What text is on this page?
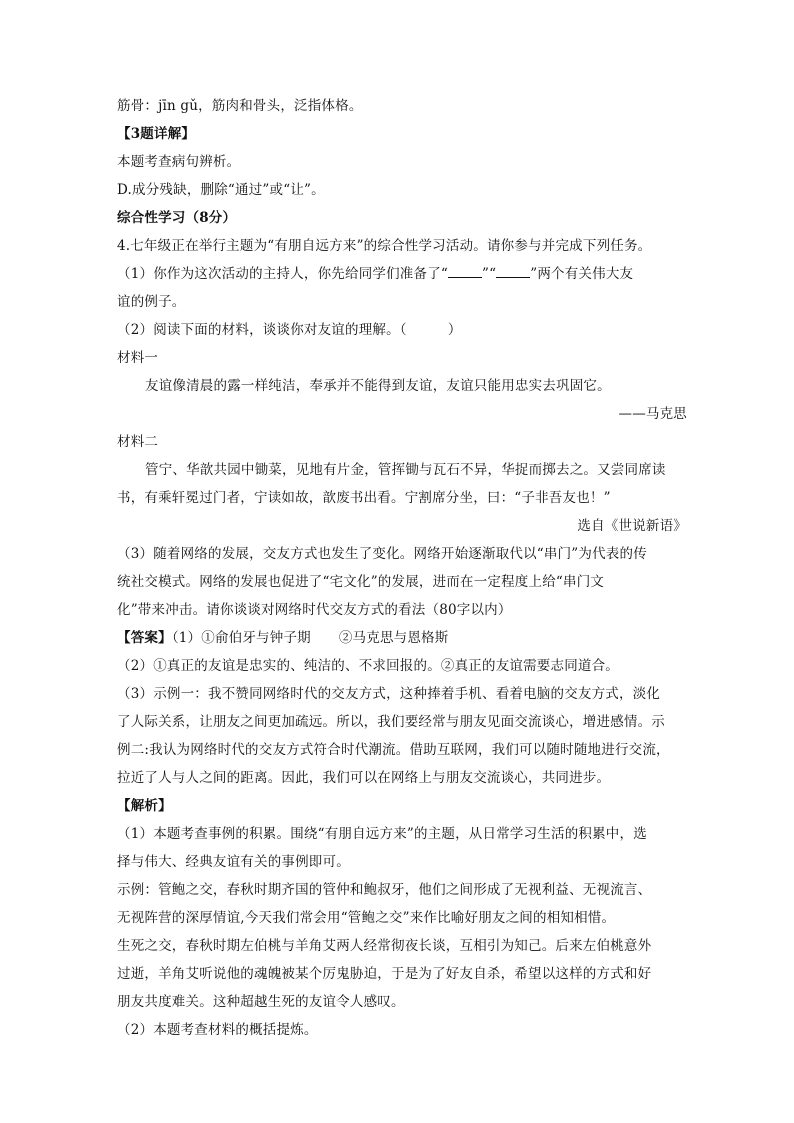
筋骨：jīn gǔ，筋肉和骨头，泛指体格。
【3题详解】
本题考查病句辨析。
D.成分残缺，删除“通过”或“让”。
综合性学习（8分）
4.七年级正在举行主题为“有朋自远方来”的综合性学习活动。请你参与并完成下列任务。
（1）你作为这次活动的主持人，你先给同学们准备了“	”“	”两个有关伟大友
谊的例子。
（2）阅读下面的材料，谈谈你对友谊的理解。（　　　）
材料一
友谊像清晨的露一样纯洁，奉承并不能得到友谊，友谊只能用忠实去巩固它。
——马克思
材料二
管宁、华歆共园中锄菜，见地有片金，管挥锄与瓦石不异，华捉而掷去之。又尝同席读
书，有乘轩冕过门者，宁读如故，歆废书出看。宁割席分坐，曰：“子非吾友也！”
选自《世说新语》
（3）随着网络的发展，交友方式也发生了变化。网络开始逐渐取代以“串门”为代表的传
统社交模式。网络的发展也促进了“宅文化”的发展，进而在一定程度上给“串门文
化”带来冲击。请你谈谈对网络时代交友方式的看法（80字以内）
【答案】（1）①俞伯牙与钟子期 ②马克思与恩格斯
（2）①真正的友谊是忠实的、纯洁的、不求回报的。②真正的友谊需要志同道合。
（3）示例一：我不赞同网络时代的交友方式，这种捧着手机、看着电脑的交友方式，淡化
了人际关系，让朋友之间更加疏远。所以，我们要经常与朋友见面交流谈心，增进感情。示
例二:我认为网络时代的交友方式符合时代潮流。借助互联网，我们可以随时随地进行交流，
拉近了人与人之间的距离。因此，我们可以在网络上与朋友交流谈心，共同进步。
【解析】
（1）本题考查事例的积累。围绕“有朋自远方来”的主题，从日常学习生活的积累中，选
择与伟大、经典友谊有关的事例即可。
示例：管鲍之交，春秋时期齐国的管仲和鲍叔牙，他们之间形成了无视利益、无视流言、
无视阵营的深厚情谊,今天我们常会用“管鲍之交”来作比喻好朋友之间的相知相惜。
生死之交，春秋时期左伯桃与羊角艾两人经常彻夜长谈，互相引为知己。后来左伯桃意外
过逝，羊角艾听说他的魂魄被某个厉鬼胁迫，于是为了好友自杀，希望以这样的方式和好
朋友共度难关。这种超越生死的友谊令人感叹。
（2）本题考查材料的概括提炼。
